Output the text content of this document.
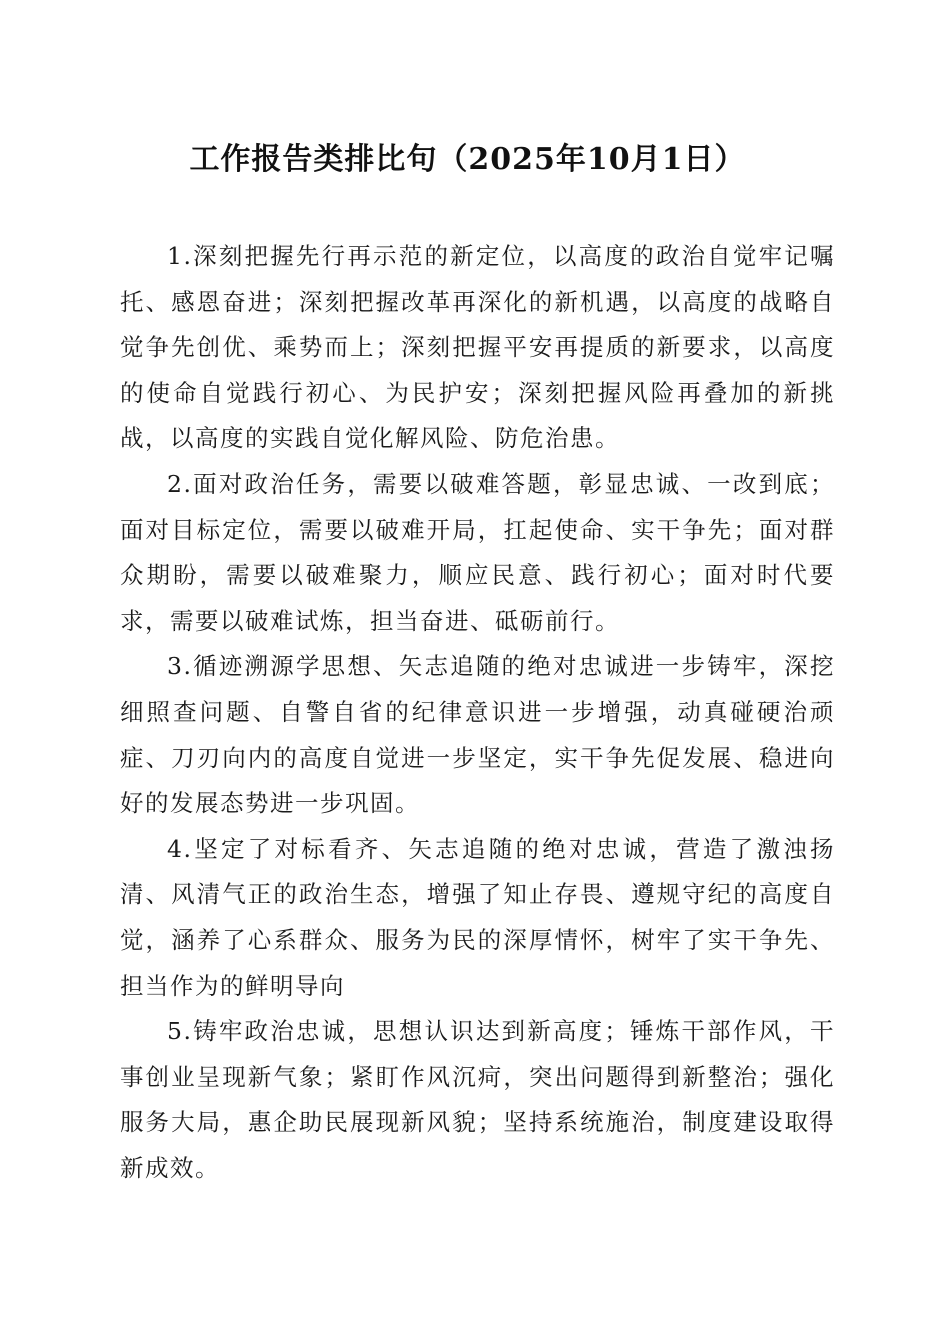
工作报告类排比句（2025年10月1日）

1.深刻把握先行再示范的新定位，以高度的政治自觉牢记嘱托、感恩奋进；深刻把握改革再深化的新机遇，以高度的战略自觉争先创优、乘势而上；深刻把握平安再提质的新要求，以高度的使命自觉践行初心、为民护安；深刻把握风险再叠加的新挑战，以高度的实践自觉化解风险、防危治患。

2.面对政治任务，需要以破难答题，彰显忠诚、一改到底；面对目标定位，需要以破难开局，扛起使命、实干争先；面对群众期盼，需要以破难聚力，顺应民意、践行初心；面对时代要求，需要以破难试炼，担当奋进、砥砺前行。

3.循迹溯源学思想、矢志追随的绝对忠诚进一步铸牢，深挖细照查问题、自警自省的纪律意识进一步增强，动真碰硬治顽症、刀刃向内的高度自觉进一步坚定，实干争先促发展、稳进向好的发展态势进一步巩固。

4.坚定了对标看齐、矢志追随的绝对忠诚，营造了激浊扬清、风清气正的政治生态，增强了知止存畏、遵规守纪的高度自觉，涵养了心系群众、服务为民的深厚情怀，树牢了实干争先、担当作为的鲜明导向

5.铸牢政治忠诚，思想认识达到新高度；锤炼干部作风，干事创业呈现新气象；紧盯作风沉疴，突出问题得到新整治；强化服务大局，惠企助民展现新风貌；坚持系统施治，制度建设取得新成效。
